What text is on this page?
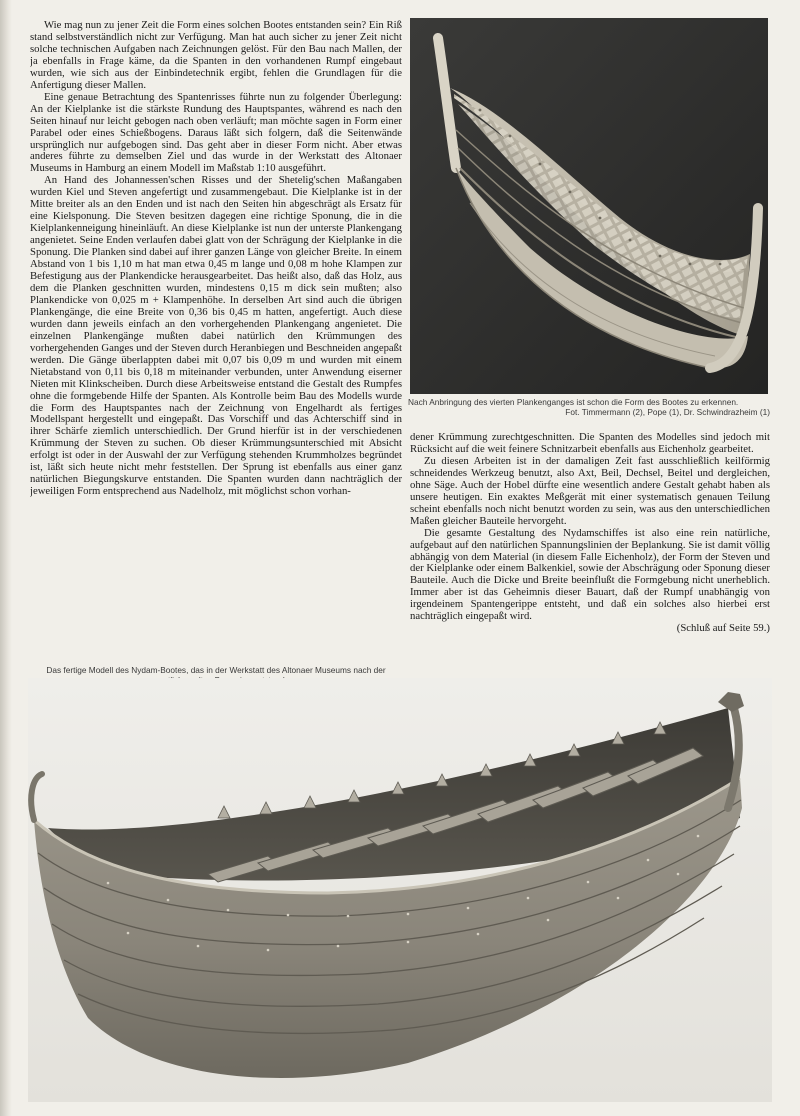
Wie mag nun zu jener Zeit die Form eines solchen Bootes entstanden sein? Ein Riß stand selbstverständlich nicht zur Verfügung. Man hat auch sicher zu jener Zeit nicht solche technischen Aufgaben nach Zeichnungen gelöst. Für den Bau nach Mallen, der ja ebenfalls in Frage käme, da die Spanten in den vorhandenen Rumpf eingebaut wurden, wie sich aus der Einbindetechnik ergibt, fehlen die Grundlagen für die Anfertigung dieser Mallen.

Eine genaue Betrachtung des Spantenrisses führte nun zu folgender Überlegung: An der Kielplanke ist die stärkste Rundung des Hauptspantes, während es nach den Seiten hinauf nur leicht gebogen nach oben verläuft; man möchte sagen in Form einer Parabel oder eines Schießbogens. Daraus läßt sich folgern, daß die Seitenwände ursprünglich nur aufgebogen sind. Das geht aber in dieser Form nicht. Aber etwas anderes führte zu demselben Ziel und das wurde in der Werkstatt des Altonaer Museums in Hamburg an einem Modell im Maßstab 1:10 ausgeführt.

An Hand des Johannessen'schen Risses und der Shetelig'schen Maßangaben wurden Kiel und Steven angefertigt und zusammengebaut. Die Kielplanke ist in der Mitte breiter als an den Enden und ist nach den Seiten hin abgeschrägt als Ersatz für eine Kielsponung. Die Steven besitzen dagegen eine richtige Sponung, die in die Kielplankenneigung hineinläuft. An diese Kielplanke ist nun der unterste Plankengang angenietet. Seine Enden verlaufen dabei glatt von der Schrägung der Kielplanke in die Sponung. Die Planken sind dabei auf ihrer ganzen Länge von gleicher Breite. In einem Abstand von 1 bis 1,10 m hat man etwa 0,45 m lange und 0,08 m hohe Klampen zur Befestigung aus der Plankendicke herausgearbeitet. Das heißt also, daß das Holz, aus dem die Planken geschnitten wurden, mindestens 0,15 m dick sein mußten; also Plankendicke von 0,025 m + Klampenhöhe. In derselben Art sind auch die übrigen Plankengänge, die eine Breite von 0,36 bis 0,45 m hatten, angefertigt. Auch diese wurden dann jeweils einfach an den vorhergehenden Plankengang angenietet. Die einzelnen Plankengänge mußten dabei natürlich den Krümmungen des vorhergehenden Ganges und der Steven durch Heranbiegen und Beschneiden angepaßt werden. Die Gänge überlappten dabei mit 0,07 bis 0,09 m und wurden mit einem Nietabstand von 0,11 bis 0,18 m miteinander verbunden, unter Anwendung eiserner Nieten mit Klinkscheiben. Durch diese Arbeitsweise entstand die Gestalt des Rumpfes ohne die formgebende Hilfe der Spanten. Als Kontrolle beim Bau des Modells wurde die Form des Hauptspantes nach der Zeichnung von Engelhardt als fertiges Modellspant hergestellt und eingepaßt. Das Vorschiff und das Achterschiff sind in ihrer Schärfe ziemlich unterschiedlich. Der Grund hierfür ist in der verschiedenen Krümmung der Steven zu suchen. Ob dieser Krümmungsunterschied mit Absicht erfolgt ist oder in der Auswahl der zur Verfügung stehenden Krummholzes begründet ist, läßt sich heute nicht mehr feststellen. Der Sprung ist ebenfalls aus einer ganz natürlichen Biegungskurve entstanden. Die Spanten wurden dann nachträglich der jeweiligen Form entsprechend aus Nadelholz, mit möglichst schon vorhan-

Nach Anbringung des vierten Plankenganges ist schon die Form des Bootes zu erkennen.
Fot. Timmermann (2), Pope (1), Dr. Schwindrazheim (1)

dener Krümmung zurechtgeschnitten. Die Spanten des Modelles sind jedoch mit Rücksicht auf die weit feinere Schnitzarbeit ebenfalls aus Eichenholz gearbeitet.

Zu diesen Arbeiten ist in der damaligen Zeit fast ausschließlich keilförmig schneidendes Werkzeug benutzt, also Axt, Beil, Dechsel, Beitel und dergleichen, ohne Säge. Auch der Hobel dürfte eine wesentlich andere Gestalt gehabt haben als unsere heutigen. Ein exaktes Meßgerät mit einer systematisch genauen Teilung scheint ebenfalls noch nicht benutzt worden zu sein, was aus den unterschiedlichen Maßen gleicher Bauteile hervorgeht.

Die gesamte Gestaltung des Nydamschiffes ist also eine rein natürliche, aufgebaut auf den natürlichen Spannungslinien der Beplankung. Sie ist damit völlig abhängig von dem Material (in diesem Falle Eichenholz), der Form der Steven und der Kielplanke oder einem Balkenkiel, sowie der Abschrägung oder Sponung dieser Bauteile. Auch die Dicke und Breite beeinflußt die Formgebung nicht unerheblich. Immer aber ist das Geheimnis dieser Bauart, daß der Rumpf unabhängig von irgendeinem Spantengerippe entsteht, und daß ein solches also hierbei erst nachträglich eingepaßt wird.

(Schluß auf Seite 59.)
Das fertige Modell des Nydam-Bootes, das in der Werkstatt des Altonaer Museums nach der
